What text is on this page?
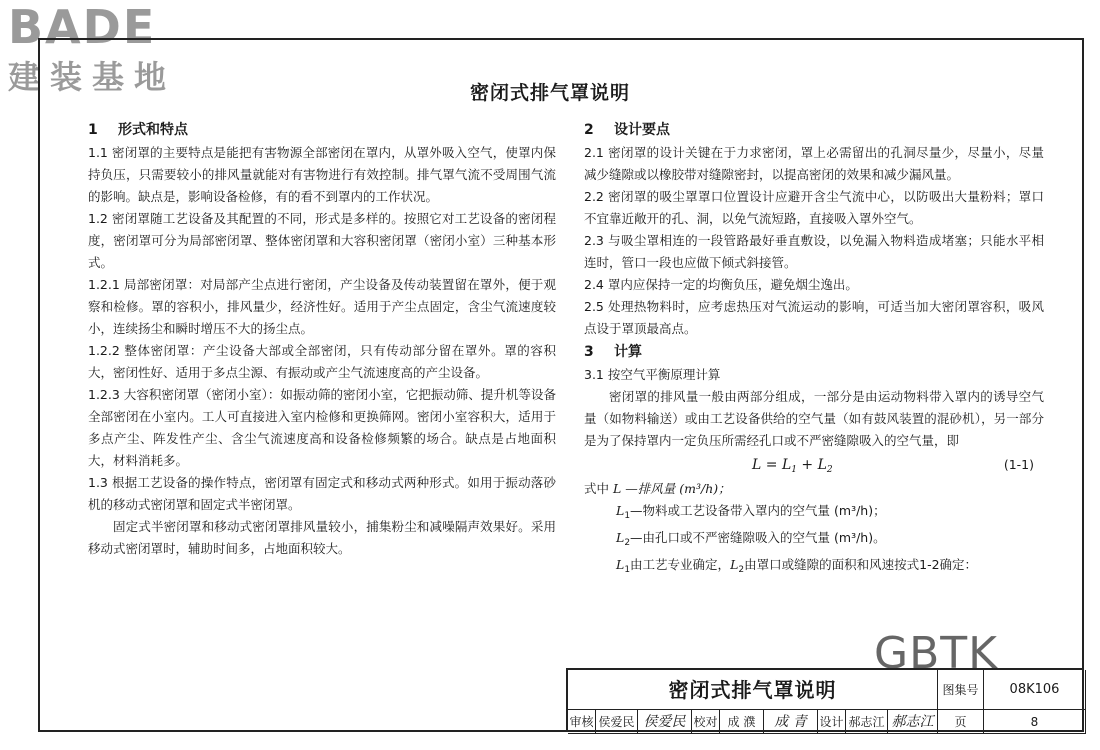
BADE
建装基地	密闭式排气罩说明
1 形式和特点
1.1 密闭罩的主要特点是能把有害物源全部密闭在罩内，从罩外吸入空气，使罩内保持负压，只需要较小的排风量就能对有害物进行有效控制。排气罩气流不受周围气流的影响。缺点是，影响设备检修，有的看不到罩内的工作状况。
1.2 密闭罩随工艺设备及其配置的不同，形式是多样的。按照它对工艺设备的密闭程度，密闭罩可分为局部密闭罩、整体密闭罩和大容积密闭罩（密闭小室）三种基本形式。
1.2.1 局部密闭罩：对局部产尘点进行密闭，产尘设备及传动装置留在罩外，便于观察和检修。罩的容积小，排风量少，经济性好。适用于产尘点固定，含尘气流速度较小，连续扬尘和瞬时增压不大的扬尘点。
1.2.2 整体密闭罩：产尘设备大部或全部密闭，只有传动部分留在罩外。罩的容积大，密闭性好、适用于多点尘源、有振动或产尘气流速度高的产尘设备。
1.2.3 大容积密闭罩（密闭小室）：如振动筛的密闭小室，它把振动筛、提升机等设备全部密闭在小室内。工人可直接进入室内检修和更换筛网。密闭小室容积大，适用于多点产尘、阵发性产尘、含尘气流速度高和设备检修频繁的场合。缺点是占地面积大，材料消耗多。
1.3 根据工艺设备的操作特点，密闭罩有固定式和移动式两种形式。如用于振动落砂机的移动式密闭罩和固定式半密闭罩。
固定式半密闭罩和移动式密闭罩排风量较小，捕集粉尘和减噪隔声效果好。采用移动式密闭罩时，辅助时间多，占地面积较大。
2 设计要点
2.1 密闭罩的设计关键在于力求密闭，罩上必需留出的孔洞尽量少，尽量小，尽量减少缝隙或以橡胶带对缝隙密封，以提高密闭的效果和减少漏风量。
2.2 密闭罩的吸尘罩罩口位置设计应避开含尘气流中心，以防吸出大量粉料；罩口不宜靠近敞开的孔、洞，以免气流短路，直接吸入罩外空气。
2.3 与吸尘罩相连的一段管路最好垂直敷设，以免漏入物料造成堵塞；只能水平相连时，管口一段也应做下倾式斜接管。
2.4 罩内应保持一定的均衡负压，避免烟尘逸出。
2.5 处理热物料时，应考虑热压对气流运动的影响，可适当加大密闭罩容积，吸风点设于罩顶最高点。
3 计算
3.1 按空气平衡原理计算
密闭罩的排风量一般由两部分组成，一部分是由运动物料带入罩内的诱导空气量（如物料输送）或由工艺设备供给的空气量（如有鼓风装置的混砂机），另一部分是为了保持罩内一定负压所需经孔口或不严密缝隙吸入的空气量，即
$L = L_1 + L_2$	(1-1)

式中 L —排风量 (m³/h)；

$L_1—$物料或工艺设备带入罩内的空气量 (m³/h)；

$L_2—$由孔口或不严密缝隙吸入的空气量 (m³/h)。

$L_1$由工艺专业确定，$L_2$由罩口或缝隙的面积和风速按式1-2确定：

GBTK
密闭式排气罩说明	图集号	08K106
审核 侯爱民 侯爱民 校对 成 濮	成 青	设计 郝志江 郝志江	页	8
